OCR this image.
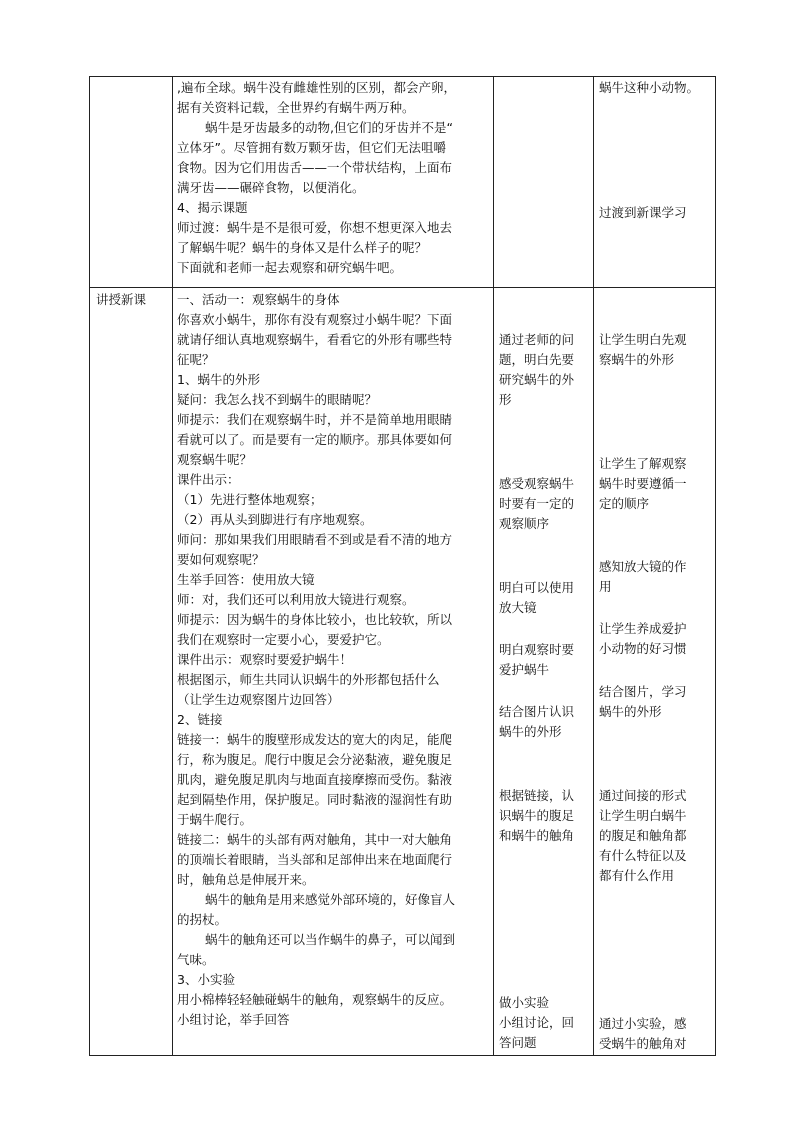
,遍布全球。蜗牛没有雌雄性别的区别，都会产卵，
据有关资料记载，全世界约有蜗牛两万种。
蜗牛是牙齿最多的动物,但它们的牙齿并不是“
立体牙”。尽管拥有数万颗牙齿，但它们无法咀嚼
食物。因为它们用齿舌——一个带状结构，上面布
满牙齿——碾碎食物，以便消化。
4、揭示课题
师过渡：蜗牛是不是很可爱，你想不想更深入地去
了解蜗牛呢？蜗牛的身体又是什么样子的呢？
下面就和老师一起去观察和研究蜗牛吧。
蜗牛这种小动物。
过渡到新课学习
讲授新课 一、活动一：观察蜗牛的身体
你喜欢小蜗牛，那你有没有观察过小蜗牛呢？下面
就请仔细认真地观察蜗牛，看看它的外形有哪些特
征呢？
1、蜗牛的外形
疑问：我怎么找不到蜗牛的眼睛呢？
师提示：我们在观察蜗牛时，并不是简单地用眼睛
看就可以了。而是要有一定的顺序。那具体要如何
观察蜗牛呢？
课件出示：
（1）先进行整体地观察；
（2）再从头到脚进行有序地观察。
师问：那如果我们用眼睛看不到或是看不清的地方
要如何观察呢？
生举手回答：使用放大镜
师：对，我们还可以利用放大镜进行观察。
师提示：因为蜗牛的身体比较小，也比较软，所以
我们在观察时一定要小心，要爱护它。
课件出示：观察时要爱护蜗牛！
根据图示，师生共同认识蜗牛的外形都包括什么
（让学生边观察图片边回答）
2、链接
链接一：蜗牛的腹壁形成发达的宽大的肉足，能爬
行，称为腹足。爬行中腹足会分泌黏液，避免腹足
肌肉，避免腹足肌肉与地面直接摩擦而受伤。黏液
起到隔垫作用，保护腹足。同时黏液的湿润性有助
于蜗牛爬行。
链接二：蜗牛的头部有两对触角，其中一对大触角
的顶端长着眼睛，当头部和足部伸出来在地面爬行
时，触角总是伸展开来。
蜗牛的触角是用来感觉外部环境的，好像盲人
的拐杖。
蜗牛的触角还可以当作蜗牛的鼻子，可以闻到
气味。
3、小实验
用小棉棒轻轻触碰蜗牛的触角，观察蜗牛的反应。
小组讨论，举手回答
通过老师的问
题，明白先要
研究蜗牛的外
形
感受观察蜗牛
时要有一定的
观察顺序
明白可以使用
放大镜
明白观察时要
爱护蜗牛
结合图片认识
蜗牛的外形
根据链接，认
识蜗牛的腹足
和蜗牛的触角
做小实验
小组讨论，回
答问题
让学生明白先观
察蜗牛的外形
让学生了解观察
蜗牛时要遵循一
定的顺序
感知放大镜的作
用
让学生养成爱护
小动物的好习惯
结合图片，学习
蜗牛的外形
通过间接的形式
让学生明白蜗牛
的腹足和触角都
有什么特征以及
都有什么作用
通过小实验，感
受蜗牛的触角对
